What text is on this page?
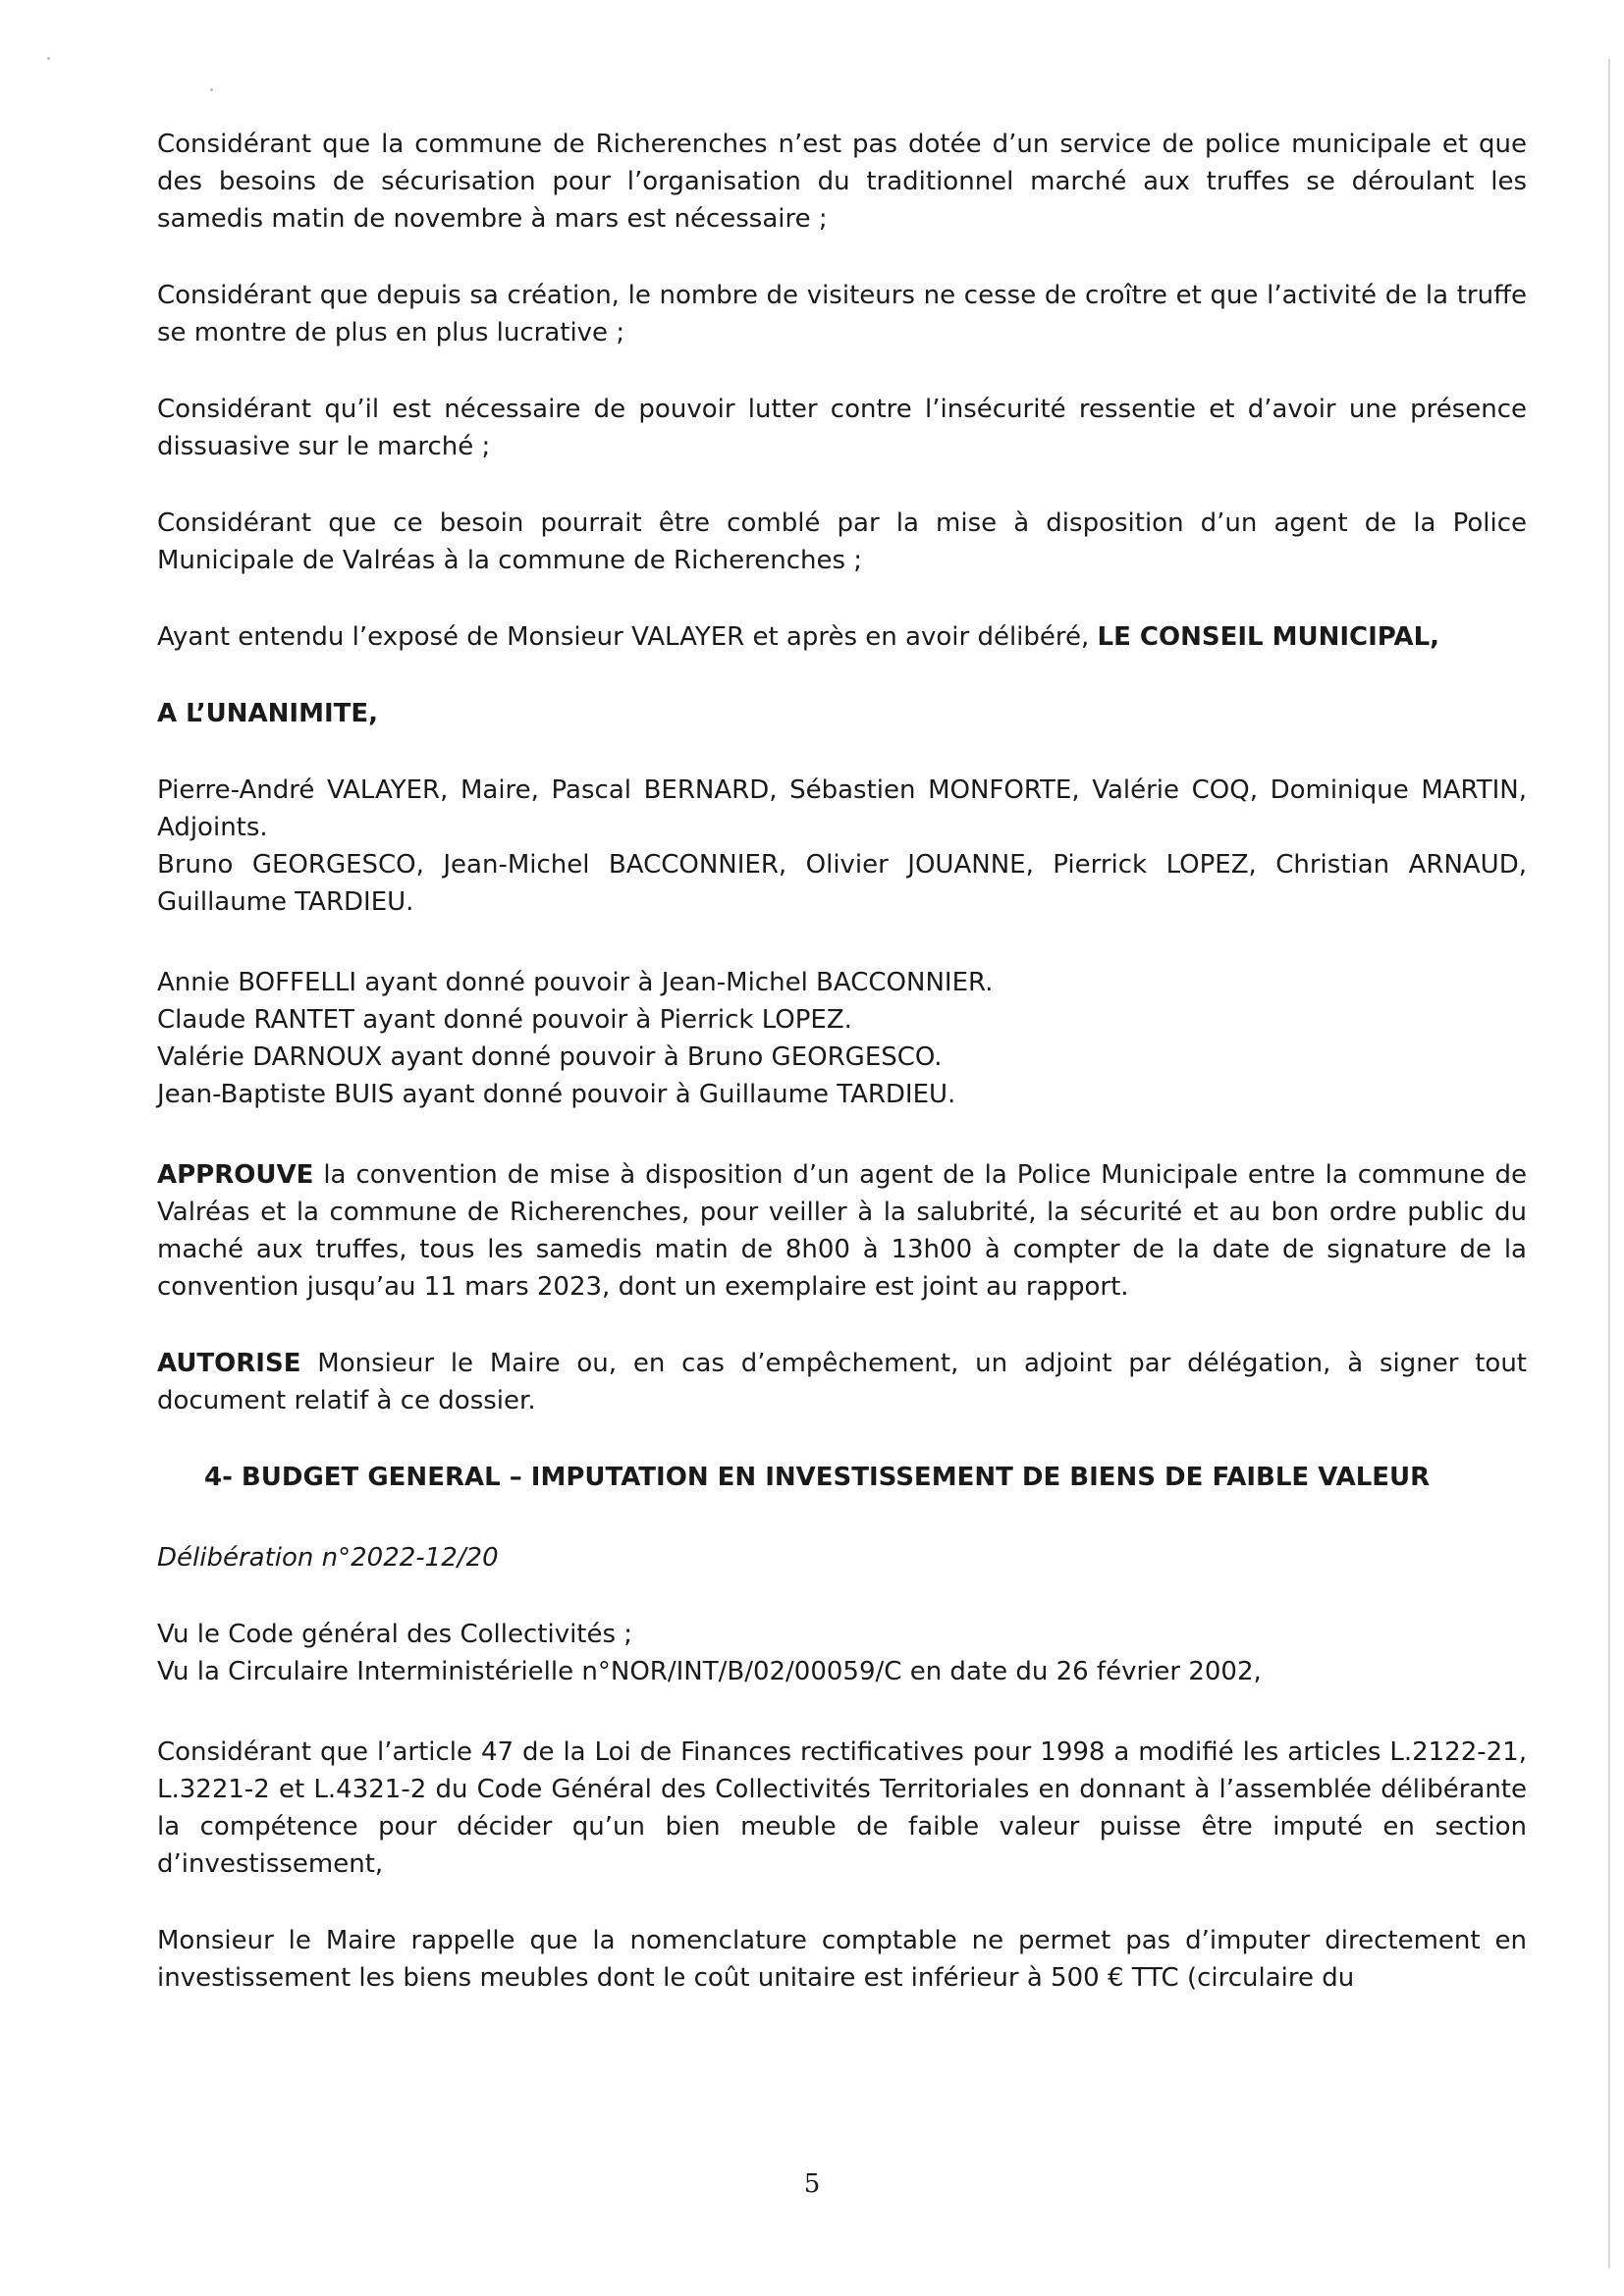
Considérant que la commune de Richerenches n’est pas dotée d’un service de police municipale et que des besoins de sécurisation pour l’organisation du traditionnel marché aux truffes se déroulant les samedis matin de novembre à mars est nécessaire ;

Considérant que depuis sa création, le nombre de visiteurs ne cesse de croître et que l’activité de la truffe se montre de plus en plus lucrative ;

Considérant qu’il est nécessaire de pouvoir lutter contre l’insécurité ressentie et d’avoir une présence dissuasive sur le marché ;

Considérant que ce besoin pourrait être comblé par la mise à disposition d’un agent de la Police Municipale de Valréas à la commune de Richerenches ;

Ayant entendu l’exposé de Monsieur VALAYER et après en avoir délibéré, LE CONSEIL MUNICIPAL,

A L’UNANIMITE,

Pierre-André VALAYER, Maire, Pascal BERNARD, Sébastien MONFORTE, Valérie COQ, Dominique MARTIN, Adjoints.

Bruno GEORGESCO, Jean-Michel BACCONNIER, Olivier JOUANNE, Pierrick LOPEZ, Christian ARNAUD, Guillaume TARDIEU.

Annie BOFFELLI ayant donné pouvoir à Jean-Michel BACCONNIER.

Claude RANTET ayant donné pouvoir à Pierrick LOPEZ.

Valérie DARNOUX ayant donné pouvoir à Bruno GEORGESCO.

Jean-Baptiste BUIS ayant donné pouvoir à Guillaume TARDIEU.

APPROUVE la convention de mise à disposition d’un agent de la Police Municipale entre la commune de Valréas et la commune de Richerenches, pour veiller à la salubrité, la sécurité et au bon ordre public du maché aux truffes, tous les samedis matin de 8h00 à 13h00 à compter de la date de signature de la convention jusqu’au 11 mars 2023, dont un exemplaire est joint au rapport.

AUTORISE Monsieur le Maire ou, en cas d’empêchement, un adjoint par délégation, à signer tout document relatif à ce dossier.

4- BUDGET GENERAL – IMPUTATION EN INVESTISSEMENT DE BIENS DE FAIBLE VALEUR

Délibération n°2022-12/20

Vu le Code général des Collectivités ;

Vu la Circulaire Interministérielle n°NOR/INT/B/02/00059/C en date du 26 février 2002,

Considérant que l’article 47 de la Loi de Finances rectificatives pour 1998 a modifié les articles L.2122-21, L.3221-2 et L.4321-2 du Code Général des Collectivités Territoriales en donnant à l’assemblée délibérante la compétence pour décider qu’un bien meuble de faible valeur puisse être imputé en section d’investissement,

Monsieur le Maire rappelle que la nomenclature comptable ne permet pas d’imputer directement en investissement les biens meubles dont le coût unitaire est inférieur à 500 € TTC (circulaire du

5
